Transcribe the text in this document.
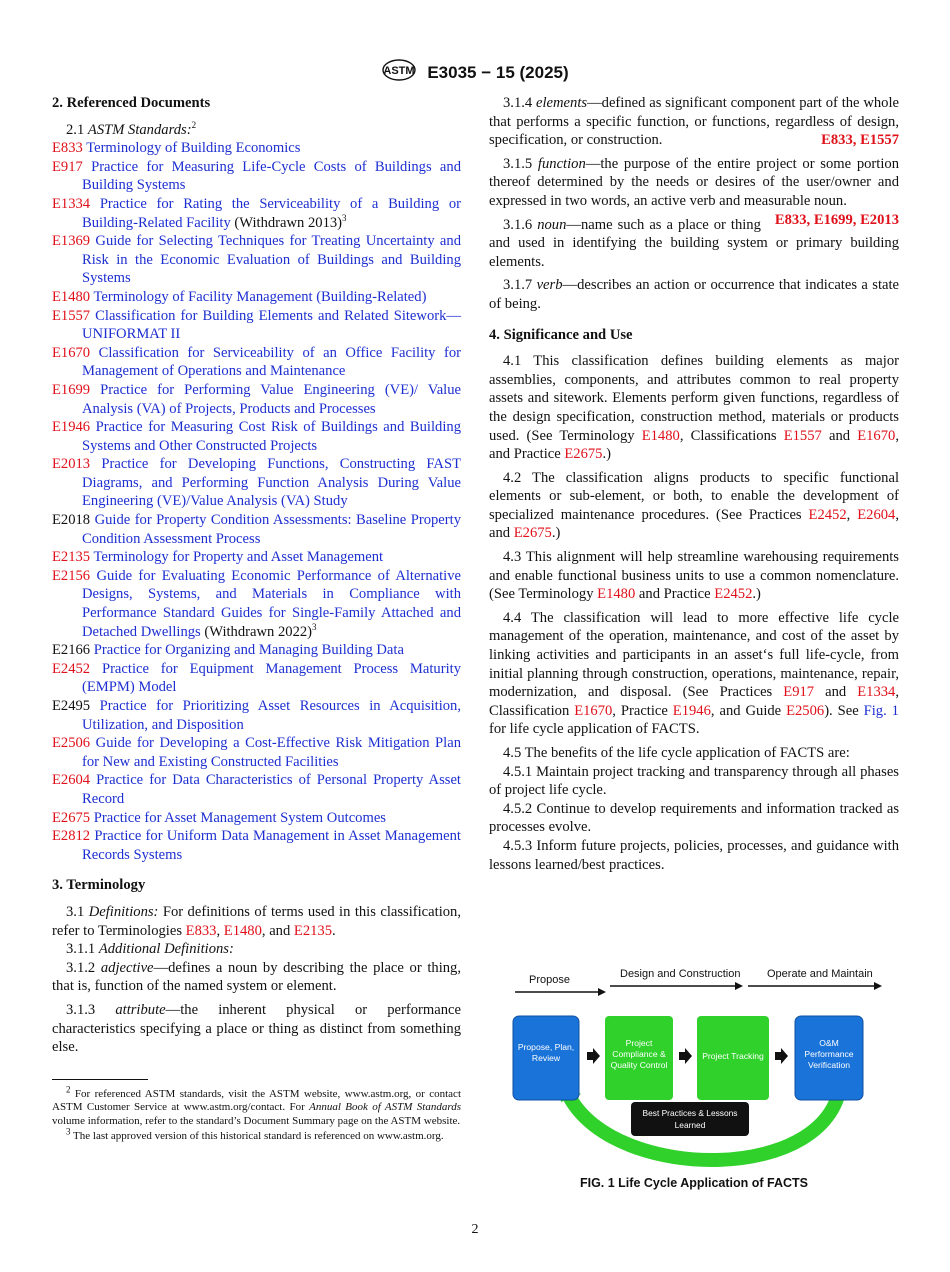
ASTM E3035 − 15 (2025)
2. Referenced Documents

2.1 ASTM Standards:$^2$

E833 Terminology of Building Economics

E917 Practice for Measuring Life-Cycle Costs of Buildings and Building Systems

E1334 Practice for Rating the Serviceability of a Building or Building-Related Facility (Withdrawn 2013)$^3$

E1369 Guide for Selecting Techniques for Treating Uncertainty and Risk in the Economic Evaluation of Buildings and Building Systems

E1480 Terminology of Facility Management (Building-Related)

E1557 Classification for Building Elements and Related Sitework—UNIFORMAT II

E1670 Classification for Serviceability of an Office Facility for Management of Operations and Maintenance

E1699 Practice for Performing Value Engineering (VE)/ Value Analysis (VA) of Projects, Products and Processes

E1946 Practice for Measuring Cost Risk of Buildings and Building Systems and Other Constructed Projects

E2013 Practice for Developing Functions, Constructing FAST Diagrams, and Performing Function Analysis During Value Engineering (VE)/Value Analysis (VA) Study

E2018 Guide for Property Condition Assessments: Baseline Property Condition Assessment Process

E2135 Terminology for Property and Asset Management

E2156 Guide for Evaluating Economic Performance of Alternative Designs, Systems, and Materials in Compliance with Performance Standard Guides for Single-Family Attached and Detached Dwellings (Withdrawn 2022)$^3$

E2166 Practice for Organizing and Managing Building Data

E2452 Practice for Equipment Management Process Maturity (EMPM) Model

E2495 Practice for Prioritizing Asset Resources in Acquisition, Utilization, and Disposition

E2506 Guide for Developing a Cost-Effective Risk Mitigation Plan for New and Existing Constructed Facilities

E2604 Practice for Data Characteristics of Personal Property Asset Record

E2675 Practice for Asset Management System Outcomes

E2812 Practice for Uniform Data Management in Asset Management Records Systems

3. Terminology

3.1 Definitions: For definitions of terms used in this classification, refer to Terminologies E833, E1480, and E2135.

3.1.1 Additional Definitions:

3.1.2 adjective—defines a noun by describing the place or thing, that is, function of the named system or element.

3.1.3 attribute—the inherent physical or performance characteristics specifying a place or thing as distinct from something else.

$^2$ For referenced ASTM standards, visit the ASTM website, www.astm.org, or contact ASTM Customer Service at www.astm.org/contact. For Annual Book of ASTM Standards volume information, refer to the standard’s Document Summary page on the ASTM website.

$^3$ The last approved version of this historical standard is referenced on www.astm.org.

3.1.4 elements—defined as significant component part of the whole that performs a specific function, or functions, regardless of design, specification, or construction.	E833, E1557

3.1.5 function—the purpose of the entire project or some portion thereof determined by the needs or desires of the user/owner and expressed in two words, an active verb and measurable noun.
E833, E1699, E2013

3.1.6 noun—name such as a place or thing and used in identifying the building system or primary building elements.

3.1.7 verb—describes an action or occurrence that indicates a state of being.

4. Significance and Use

4.1 This classification defines building elements as major assemblies, components, and attributes common to real property assets and sitework. Elements perform given functions, regardless of the design specification, construction method, materials or products used. (See Terminology E1480, Classifications E1557 and E1670, and Practice E2675.)

4.2 The classification aligns products to specific functional elements or sub-element, or both, to enable the development of specialized maintenance procedures. (See Practices E2452, E2604, and E2675.)

4.3 This alignment will help streamline warehousing requirements and enable functional business units to use a common nomenclature. (See Terminology E1480 and Practice E2452.)

4.4 The classification will lead to more effective life cycle management of the operation, maintenance, and cost of the asset by linking activities and participants in an asset‘s full life-cycle, from initial planning through construction, operations, maintenance, repair, modernization, and disposal. (See Practices E917 and E1334, Classification E1670, Practice E1946, and Guide E2506). See Fig. 1 for life cycle application of FACTS.

4.5 The benefits of the life cycle application of FACTS are:

4.5.1 Maintain project tracking and transparency through all phases of project life cycle.

4.5.2 Continue to develop requirements and information tracked as processes evolve.

4.5.3 Inform future projects, policies, processes, and guidance with lessons learned/best practices.

Propose	Design and Construction Operate and Maintain
Propose, Plan,
Review
Project
Compliance &
Quality Control
Project Tracking
O&M
Performance
Verification
Best Practices & Lessons
Learned
FIG. 1 Life Cycle Application of FACTS
2
